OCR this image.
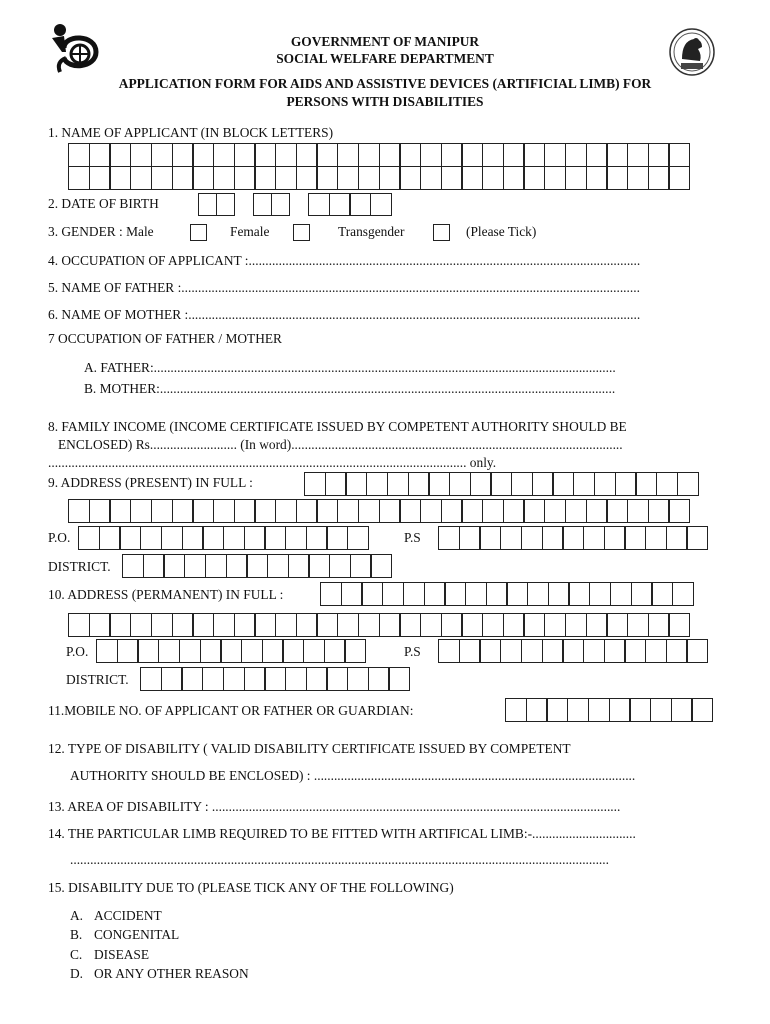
GOVERNMENT OF MANIPUR
SOCIAL WELFARE DEPARTMENT
APPLICATION FORM FOR AIDS AND ASSISTIVE DEVICES (ARTIFICIAL LIMB) FOR
PERSONS WITH DISABILITIES
1. NAME OF APPLICANT (IN BLOCK LETTERS)
2. DATE OF BIRTH
3. GENDER : Male	Female	Transgender	(Please Tick)
4. OCCUPATION OF APPLICANT :.....................................................................................................................
5. NAME OF FATHER :.........................................................................................................................................
6. NAME OF MOTHER :.......................................................................................................................................
7 OCCUPATION OF FATHER / MOTHER
A. FATHER:..........................................................................................................................................
B. MOTHER:........................................................................................................................................
8. FAMILY INCOME (INCOME CERTIFICATE ISSUED BY COMPETENT AUTHORITY SHOULD BE
ENCLOSED) Rs.......................... (In word)...................................................................................................
............................................................................................................................. only.
9. ADDRESS (PRESENT) IN FULL :
P.O.	P.S
DISTRICT.
10. ADDRESS (PERMANENT) IN FULL :
P.O.	P.S
DISTRICT.
11.MOBILE NO. OF APPLICANT OR FATHER OR GUARDIAN:
12. TYPE OF DISABILITY ( VALID DISABILITY CERTIFICATE ISSUED BY COMPETENT
AUTHORITY SHOULD BE ENCLOSED) : ................................................................................................
13. AREA OF DISABILITY : ..........................................................................................................................
14. THE PARTICULAR LIMB REQUIRED TO BE FITTED WITH ARTIFICAL LIMB:-...............................
.................................................................................................................................................................
15. DISABILITY DUE TO (PLEASE TICK ANY OF THE FOLLOWING)
A. ACCIDENT
B. CONGENITAL
C. DISEASE
D. OR ANY OTHER REASON
